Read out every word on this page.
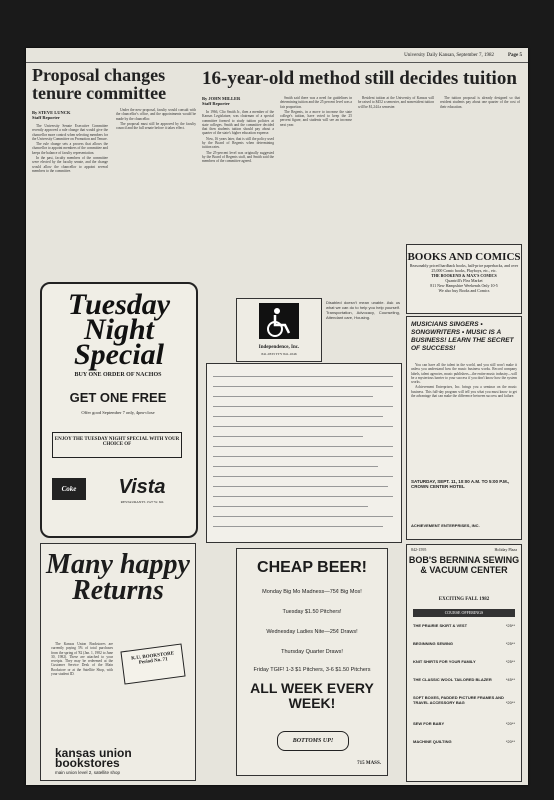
University Daily Kansan, September 7, 1982	Page 5
Proposal changes tenure committee
By STEVE LUNCK
Staff Reporter

The University Senate Executive Committee recently approved a rule change that would give the chancellor more control when selecting members for the University Committee on Promotion and Tenure.

The rule change sets a process that allows the chancellor to appoint members of the committee and keeps the balance of faculty representation.

In the past, faculty members of the committee were elected by the faculty senate, and the change would allow the chancellor to appoint several members to the committee.

Under the new proposal, faculty would consult with the chancellor's office, and the appointments would be made by the chancellor.

The proposal must still be approved by the faculty council and the full senate before it takes effect.

16-year-old method still decides tuition
By JOHN MILLER
Staff Reporter

In 1966, Clio Smith Jr., then a member of the Kansas Legislature, was chairman of a special committee formed to study tuition policies at state colleges. Smith and the committee decided that then students tuition should pay about a quarter of the state's higher education expense.

Now, 16 years later, that is still the policy used by the Board of Regents when determining tuition rates.

The 25-percent level was originally suggested by the Board of Regents staff, and Smith said the members of the committee agreed.

Smith said there was a need for guidelines in determining tuition and the 25 percent level was a fair proportion.

The Regents, in a move to increase the state college's tuition, have voted to keep the 25 percent figure, and students will see an increase next year.

Resident tuition at the University of Kansas will be raised to $452 a semester, and nonresident tuition will be $1,244 a semester.

The tuition proposal is already designed so that resident students pay about one quarter of the cost of their education.

Tuesday Night Special
BUY ONE ORDER OF NACHOS
GET ONE FREE
Offer good September 7 only, 4pm-close
ENJOY THE TUESDAY NIGHT SPECIAL WITH YOUR CHOICE OF
Coke	Vista
RESTAURANTS 1527 W. 6th
Independence, Inc.
841-0333 TTY 841-1046
Disabled doesn't mean unable. Ask us what we can do to help you help yourself. Transportation, Advocacy, Counseling, Attendant care, Housing.
BOOKS AND COMICS
Reasonably priced hardback books, half-price paperbacks, and over 25,000 Comic books, Playboys, etc., etc.
THE BOOKEND & MAX'S COMICS
Quantrill's Flea Market
811 New Hampshire Weekends Only 10-5
We also buy Books and Comics
MUSICIANS SINGERS • SONGWRITERS • MUSIC IS A BUSINESS! LEARN THE SECRET OF SUCCESS!

You can have all the talent in the world, and you still won't make it unless you understand how the music business works. Record company labels, talent agencies, music publishers—the entire music industry—will be a mysterious barrier to your success if you don't know how the system works.

Achievement Enterprises, Inc. brings you a seminar on the music business. This full-day program will tell you what you must know to get the advantage that can make the difference between success and failure.

SATURDAY, SEPT. 11, 10:00 A.M. TO 5:00 P.M., CROWN CENTER HOTEL
ACHIEVEMENT ENTERPRISES, INC.
Many happy Returns
K.U. BOOKSTORE Period No. 71

The Kansas Union Bookstores are currently paying 5% of total purchases from the spring of '82 (Jan. 1, 1982 to June 30, 1982). These are attached to your receipts. They may be redeemed at the Customer Service Desk of the Main Bookstore or at the Satellite Shop, with your student ID.

kansas union bookstores
main union level 2, satellite shop
CHEAP BEER!
Monday Big Mo Madness—75¢ Big Mos!
Tuesday $1.50 Pitchers!
Wednesday Ladies Nite—25¢ Draws!
Thursday Quarter Draws!
Friday TGIF! 1-3 $1 Pitchers, 3-6 $1.50 Pitchers
ALL WEEK EVERY WEEK!
BOTTOMS UP!
715 MASS.
842-1595	Holiday Plaza
BOB'S BERNINA SEWING & VACUUM CENTER
EXCITING FALL 1982
COURSE OFFERINGS
THE PRAIRIE SKIRT & VEST	*25**
BEGINNING SEWING	*25**
KNIT SHIRTS FOR YOUR FAMILY	*25**
THE CLASSIC WOOL TAILORED BLAZER	*45**
SOFT BOXES, PADDED PICTURE FRAMES AND TRAVEL ACCESSORY BAG	*20**
SEW FOR BABY	*20**
MACHINE QUILTING	*20**
